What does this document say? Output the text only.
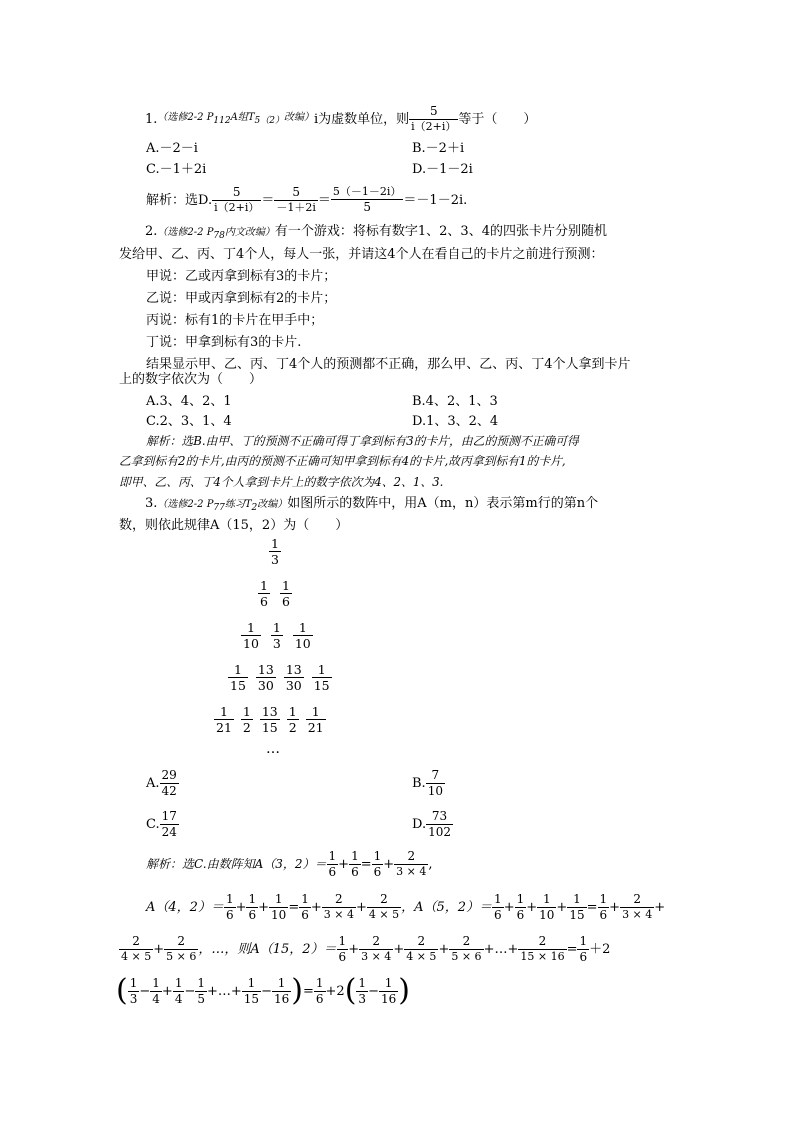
1. （选修2-2 $P_{112}A$组$T_{5(2)}$改编） i为虚数单位，则 $\frac{5}{i(2+i)}$ 等于（　　）
A.－2－i	B.－2＋i
C.－1＋2i	D.－1－2i
解析：选D. $\frac{5}{i(2+i)} = \frac{5}{-1+2i} = \frac{5(-1-2i)}{5} =-1-2i$.
2.（选修2-2 $P_{78}$内文改编）有一个游戏：将标有数字1、2、3、4的四张卡片分别随机
发给甲、乙、丙、丁4个人，每人一张，并请这4个人在看自己的卡片之前进行预测：
甲说：乙或丙拿到标有3的卡片；
乙说：甲或丙拿到标有2的卡片；
丙说：标有1的卡片在甲手中；
丁说：甲拿到标有3的卡片.
结果显示甲、乙、丙、丁4个人的预测都不正确，那么甲、乙、丙、丁4个人拿到卡片
上的数字依次为（　　）
A.3、4、2、1	B.4、2、1、3
C.2、3、1、4	D.1、3、2、4
解析：选B.由甲、丁的预测不正确可得丁拿到标有3的卡片，由乙的预测不正确可得
乙拿到标有2的卡片,由丙的预测不正确可知甲拿到标有4的卡片,故丙拿到标有1的卡片,
即甲、乙、丙、丁4个人拿到卡片上的数字依次为4、2、1、3.
3.（选修2-2 $P_{77}$练习$T_2$改编）如图所示的数阵中，用A（m，n）表示第m行的第n个
数，则依此规律A（15，2）为（　　）
$\frac{1}{3}$
$\frac{1}{6} \frac{1}{6}$
$\frac{1}{10} \frac{1}{3} \frac{1}{10}$
$\frac{1}{15} \frac{13}{30} \frac{13}{30} \frac{1}{15}$
$\frac{1}{21} \frac{1}{2} \frac{13}{15} \frac{1}{2} \frac{1}{21}$
…
A. $\frac{29}{42}$	B. $\frac{7}{10}$
C. $\frac{17}{24}$	D. $\frac{73}{102}$
解析：选C.由数阵知A（3，$2)= \frac{1}{6} + \frac{1}{6} = \frac{1}{6} + \frac{2}{3 \times 4}$ ,
A（4，$2)= \frac{1}{6} + \frac{1}{6} + \frac{1}{10} = \frac{1}{6} + \frac{2}{3 \times 4} + \frac{2}{4 \times 5}$ ，A（5，$2)= \frac{1}{6} + \frac{1}{6} + \frac{1}{10} + \frac{1}{15} = \frac{1}{6} + \frac{2}{3 \times 4}$ +
$\frac{2}{4 \times 5} + \frac{2}{5 \times 6}$ ，…，则A（15，$2)= \frac{1}{6} + \frac{2}{3 \times 4} + \frac{2}{4 \times 5} + \frac{2}{5 \times 6}$ +…+ $\frac{2}{15 \times 16} = \frac{1}{6} +2$
( $\frac{1}{3} - \frac{1}{4} + \frac{1}{4} - \frac{1}{5}$ +…+ $\frac{1}{15} - \frac{1}{16}$ ) = $\frac{1}{6} +2$ ( $\frac{1}{3} - \frac{1}{16}$ )
